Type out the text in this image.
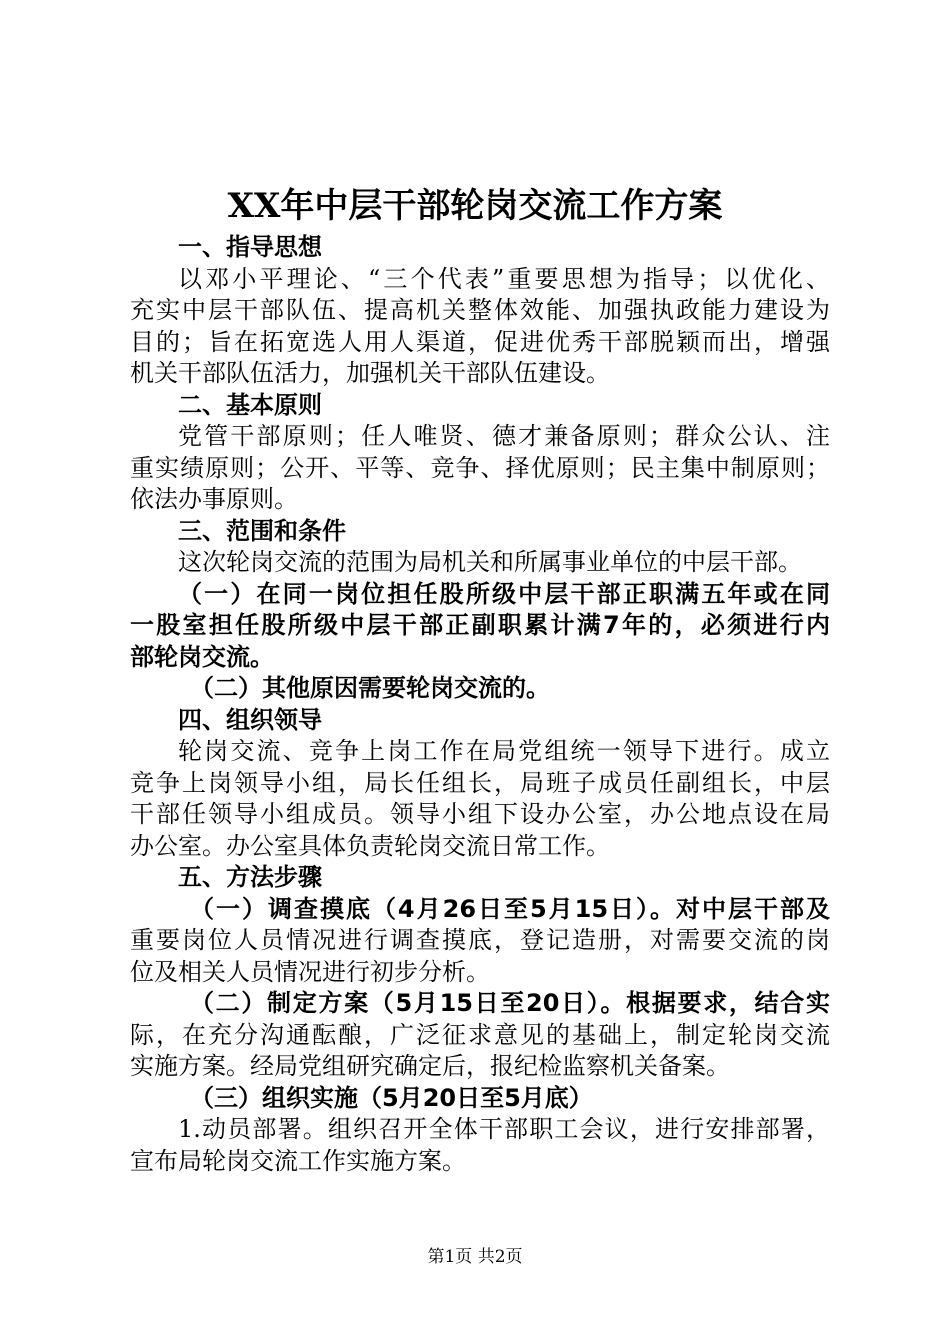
XX年中层干部轮岗交流工作方案
一、指导思想
以邓小平理论、“三个代表”重要思想为指导；以优化、
充实中层干部队伍、提高机关整体效能、加强执政能力建设为
目的；旨在拓宽选人用人渠道，促进优秀干部脱颖而出，增强
机关干部队伍活力，加强机关干部队伍建设。
二、基本原则
党管干部原则；任人唯贤、德才兼备原则；群众公认、注
重实绩原则；公开、平等、竞争、择优原则；民主集中制原则；
依法办事原则。
三、范围和条件
这次轮岗交流的范围为局机关和所属事业单位的中层干部。
（一）在同一岗位担任股所级中层干部正职满五年或在同
一股室担任股所级中层干部正副职累计满7年的，必须进行内
部轮岗交流。
（二）其他原因需要轮岗交流的。
四、组织领导
轮岗交流、竞争上岗工作在局党组统一领导下进行。成立
竞争上岗领导小组，局长任组长，局班子成员任副组长，中层
干部任领导小组成员。领导小组下设办公室，办公地点设在局
办公室。办公室具体负责轮岗交流日常工作。
五、方法步骤
（一）调查摸底（4月26日至5月15日）。对中层干部及
重要岗位人员情况进行调查摸底，登记造册，对需要交流的岗
位及相关人员情况进行初步分析。
（二）制定方案（5月15日至20日）。根据要求，结合实
际，在充分沟通酝酿，广泛征求意见的基础上，制定轮岗交流
实施方案。经局党组研究确定后，报纪检监察机关备案。
（三）组织实施（5月20日至5月底）
1.动员部署。组织召开全体干部职工会议，进行安排部署，
宣布局轮岗交流工作实施方案。
第1页 共2页
